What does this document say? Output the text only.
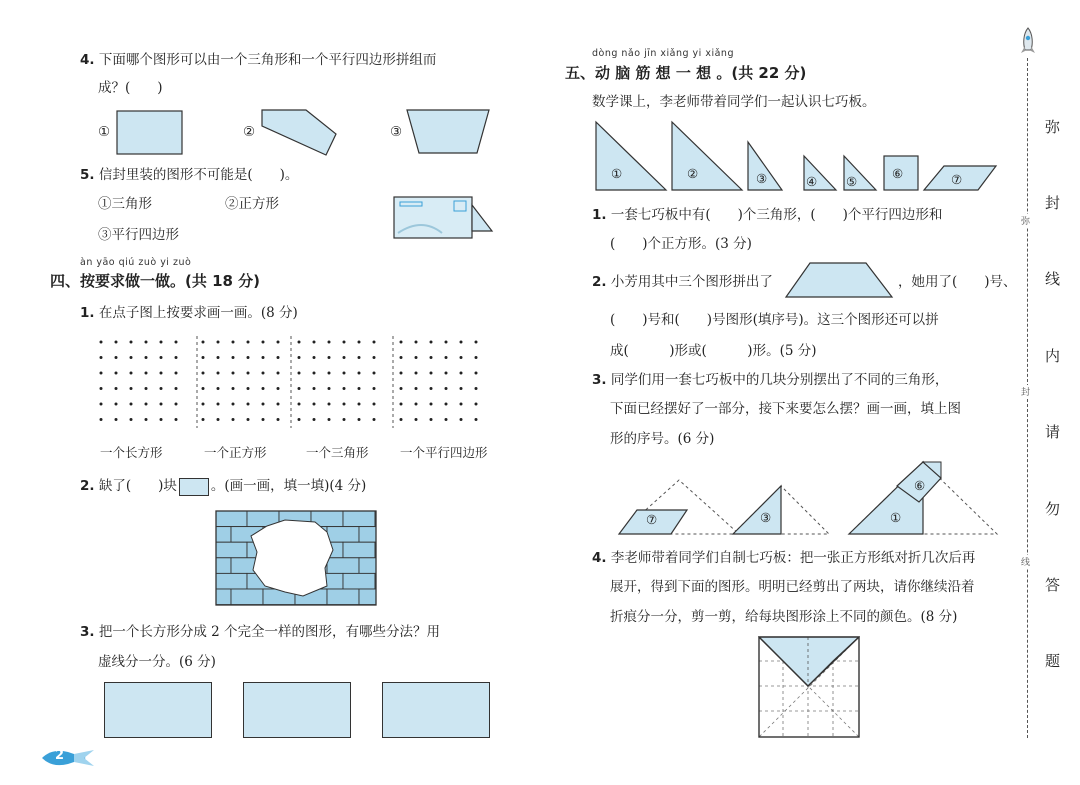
4. 下面哪个图形可以由一个三角形和一个平行四边形拼组而
成？(　　)
①	②	③
5. 信封里装的图形不可能是(　　)。
①三角形	②正方形
③平行四边形
àn yāo qiú zuò yi zuò
四、按要求做一做。(共 18 分)
1. 在点子图上按要求画一画。(8 分)
一个长方形	一个正方形	一个三角形	一个平行四边形
2. 缺了(　　)块	。(画一画，填一填)(4 分)
3. 把一个长方形分成 2 个完全一样的图形，有哪些分法？用
虚线分一分。(6 分)
2
dòng nǎo jīn xiǎng yi xiǎng
五、动 脑 筋 想 一 想 。(共 22 分)
数学课上，李老师带着同学们一起认识七巧板。
①	②	③	④ ⑤
⑥	⑦
1. 一套七巧板中有(　　)个三角形，(　　)个平行四边形和
(　　)个正方形。(3 分)
2. 小芳用其中三个图形拼出了	，她用了(　　)号、
(　　)号和(　　)号图形(填序号)。这三个图形还可以拼
成(　　　)形或(　　　)形。(5 分)
3. 同学们用一套七巧板中的几块分别摆出了不同的三角形，
下面已经摆好了一部分，接下来要怎么摆？画一画，填上图
形的序号。(6 分)
⑦	③	①
⑥
4. 李老师带着同学们自制七巧板：把一张正方形纸对折几次后再
展开，得到下面的图形。明明已经剪出了两块，请你继续沿着
折痕分一分，剪一剪，给每块图形涂上不同的颜色。(8 分)
弥
封
线
弥
封
线
内
请
勿
答
题
